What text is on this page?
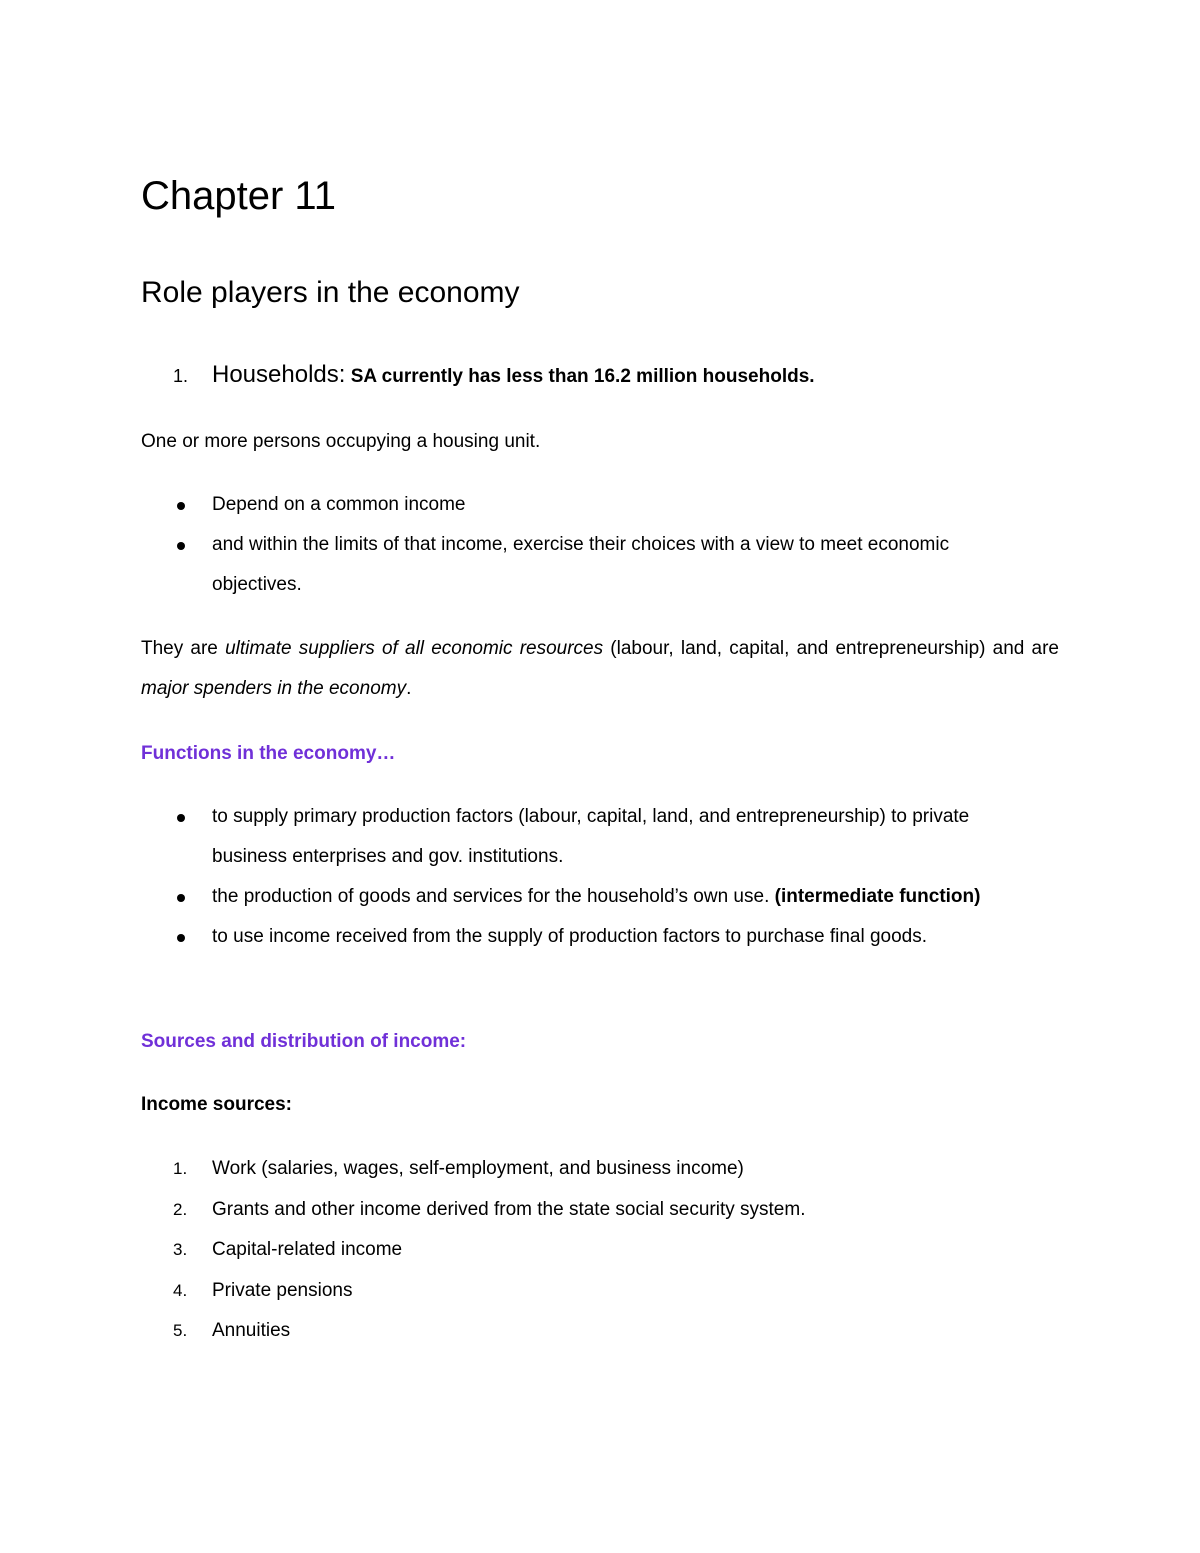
Chapter 11
Role players in the economy
1. Households: SA currently has less than 16.2 million households.

One or more persons occupying a housing unit.

Depend on a common income
and within the limits of that income, exercise their choices with a view to meet economic objectives.

They are ultimate suppliers of all economic resources (labour, land, capital, and entrepreneurship) and are major spenders in the economy.

Functions in the economy…

to supply primary production factors (labour, capital, land, and entrepreneurship) to private business enterprises and gov. institutions.
the production of goods and services for the household’s own use. (intermediate function)
to use income received from the supply of production factors to purchase final goods.

Sources and distribution of income:

Income sources:

1. Work (salaries, wages, self-employment, and business income)
2. Grants and other income derived from the state social security system.
3. Capital-related income
4. Private pensions
5. Annuities
